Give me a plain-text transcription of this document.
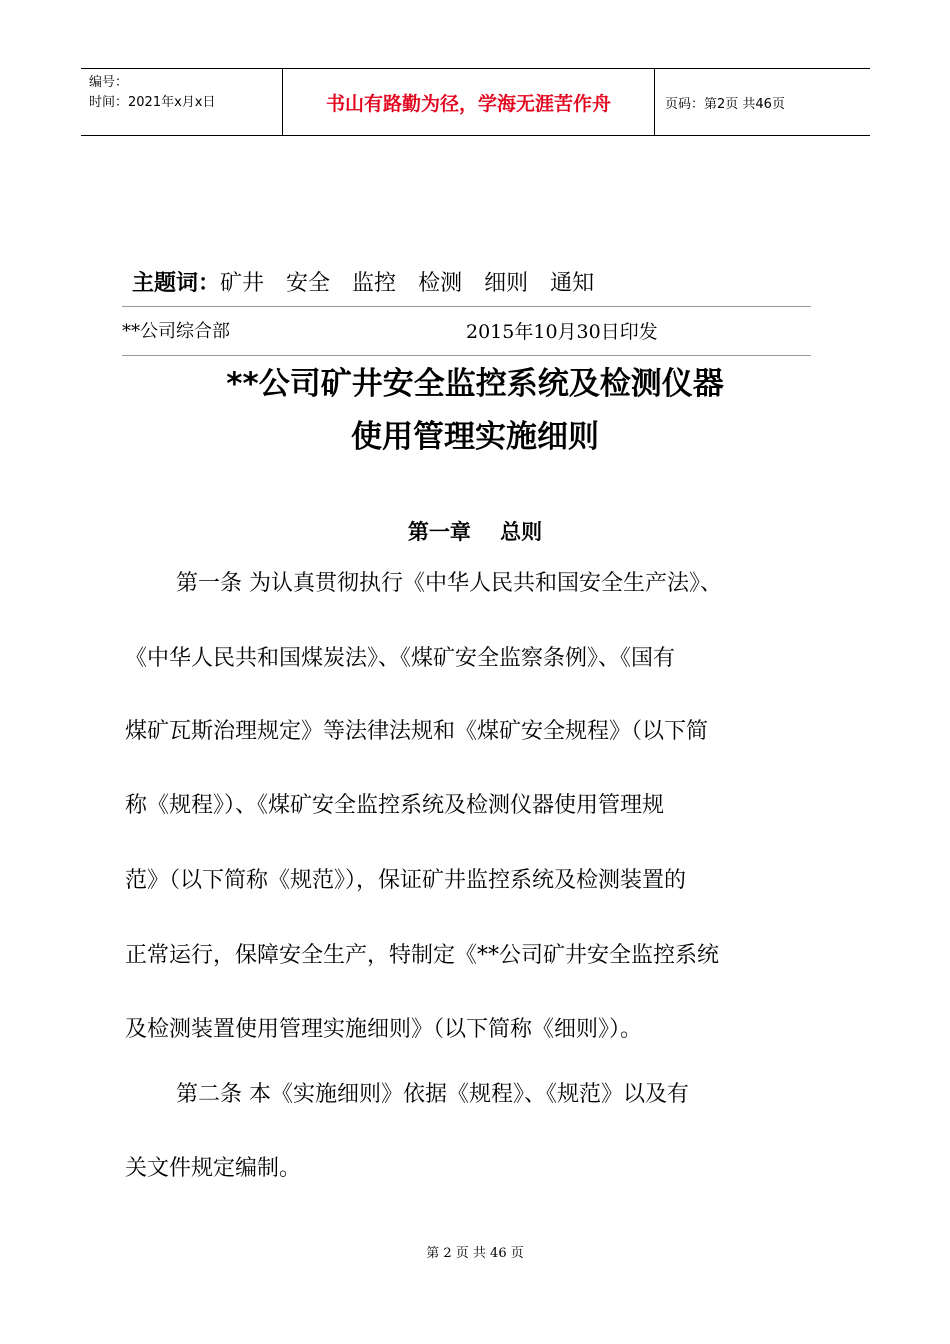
编号：
时间：2021年x月x日	书山有路勤为径，学海无涯苦作舟	页码：第2页 共46页
主题词：矿井 安全 监控 检测 细则 通知
**公司综合部	2015年10月30日印发
**公司矿井安全监控系统及检测仪器
使用管理实施细则
第一章    总则
第一条 为认真贯彻执行《中华人民共和国安全生产法》、
《中华人民共和国煤炭法》、《煤矿安全监察条例》、《国有
煤矿瓦斯治理规定》等法律法规和《煤矿安全规程》（以下简
称《规程》）、《煤矿安全监控系统及检测仪器使用管理规
范》（以下简称《规范》），保证矿井监控系统及检测装置的
正常运行，保障安全生产，特制定《**公司矿井安全监控系统
及检测装置使用管理实施细则》（以下简称《细则》）。
第二条 本《实施细则》依据《规程》、《规范》以及有
关文件规定编制。
第 2 页 共 46 页
